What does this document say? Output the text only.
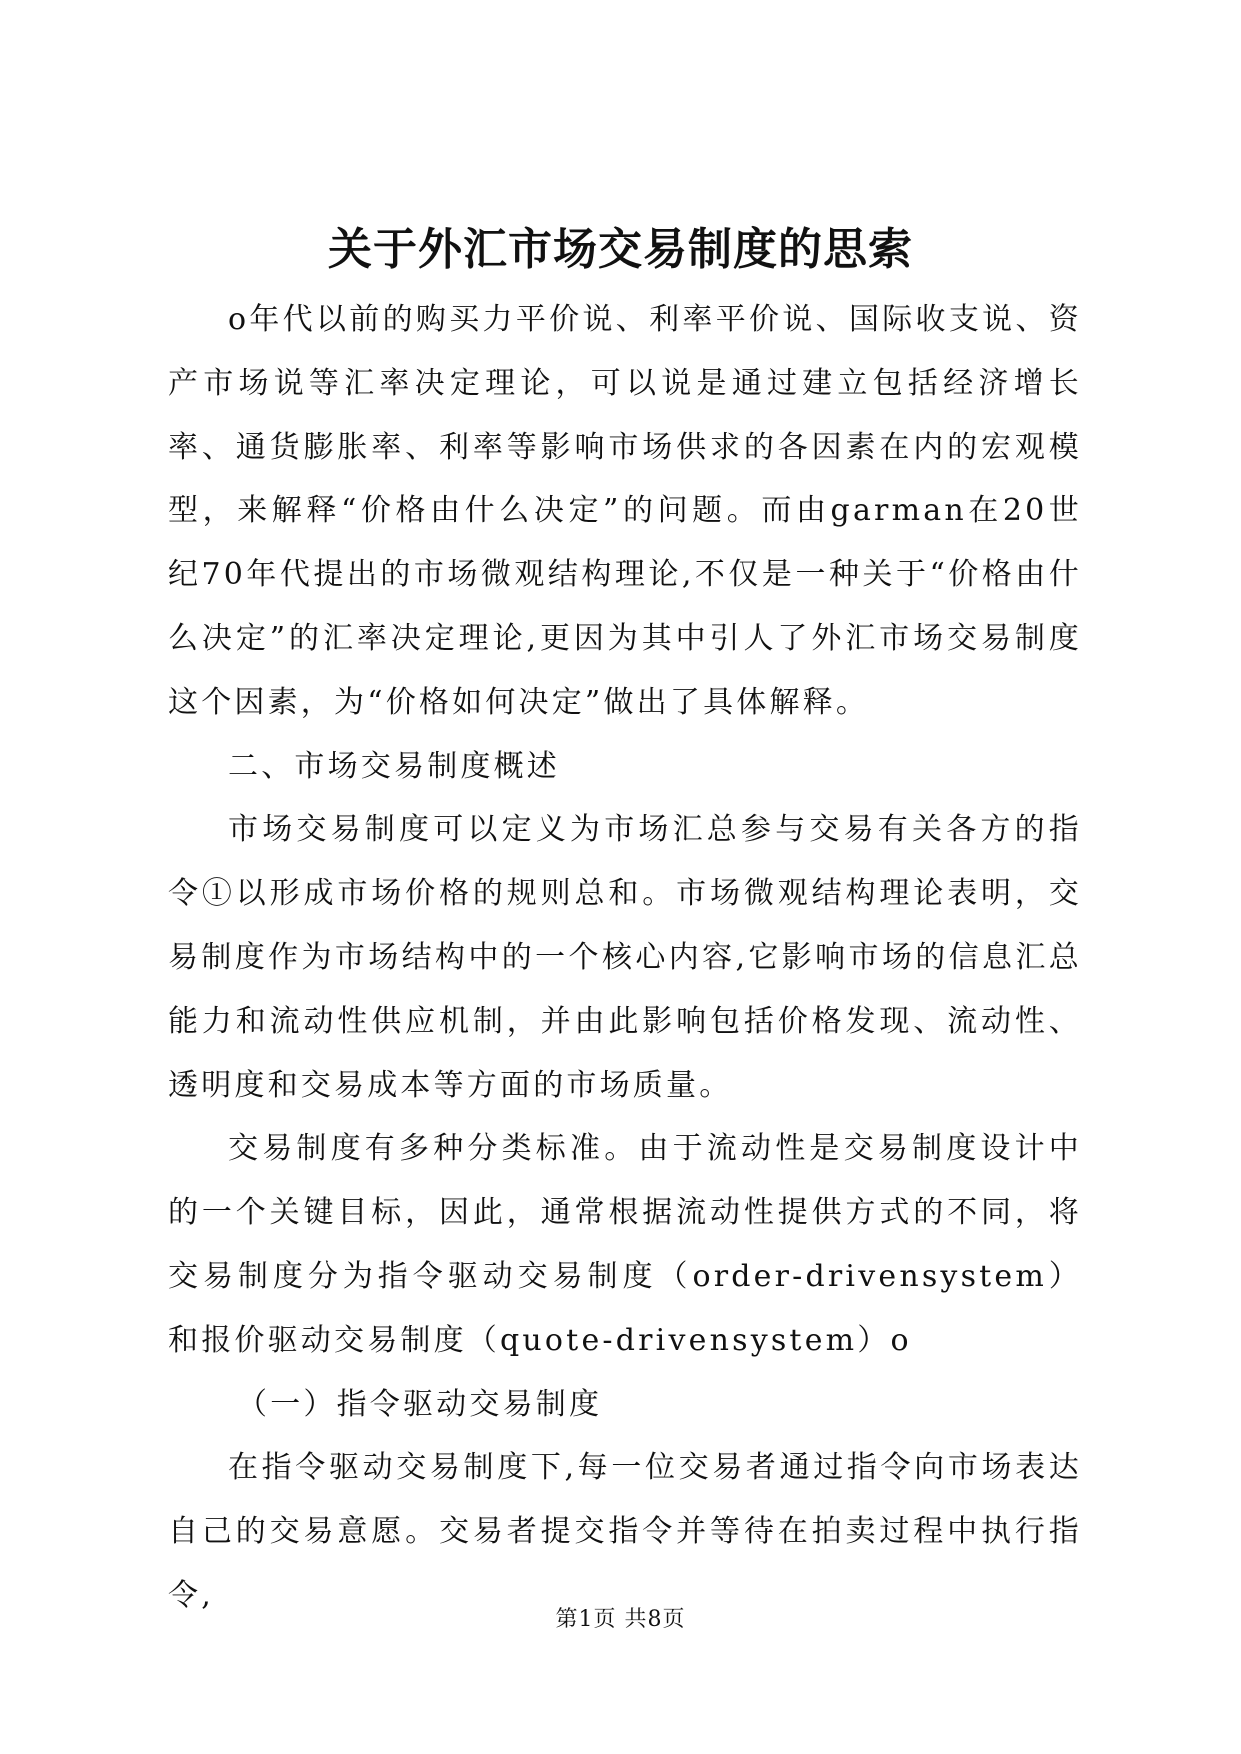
关于外汇市场交易制度的思索

o年代以前的购买力平价说、利率平价说、国际收支说、资产市场说等汇率决定理论，可以说是通过建立包括经济增长率、通货膨胀率、利率等影响市场供求的各因素在内的宏观模型，来解释“价格由什么决定”的问题。而由garman在20世纪70年代提出的市场微观结构理论,不仅是一种关于“价格由什么决定”的汇率决定理论,更因为其中引人了外汇市场交易制度这个因素，为“价格如何决定”做出了具体解释。

二、市场交易制度概述

市场交易制度可以定义为市场汇总参与交易有关各方的指令①以形成市场价格的规则总和。市场微观结构理论表明，交易制度作为市场结构中的一个核心内容,它影响市场的信息汇总能力和流动性供应机制，并由此影响包括价格发现、流动性、透明度和交易成本等方面的市场质量。

交易制度有多种分类标准。由于流动性是交易制度设计中的一个关键目标，因此，通常根据流动性提供方式的不同，将交易制度分为指令驱动交易制度（order-drivensystem）和报价驱动交易制度（quote-drivensystem）o

（一）指令驱动交易制度

在指令驱动交易制度下,每一位交易者通过指令向市场表达自己的交易意愿。交易者提交指令并等待在拍卖过程中执行指令,

第1页 共8页
